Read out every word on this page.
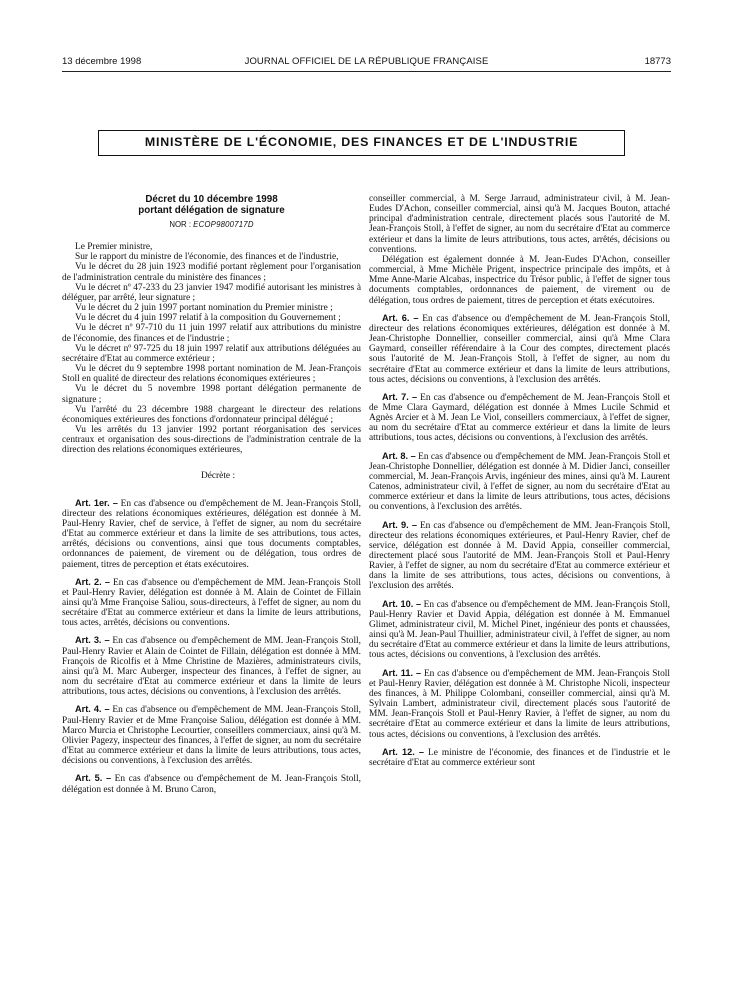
13 décembre 1998	JOURNAL OFFICIEL DE LA RÉPUBLIQUE FRANÇAISE	18773
MINISTÈRE DE L'ÉCONOMIE, DES FINANCES ET DE L'INDUSTRIE

Décret du 10 décembre 1998

portant délégation de signature

NOR : ECOP9800717D

Le Premier ministre,

Sur le rapport du ministre de l'économie, des finances et de l'industrie,

Vu le décret du 28 juin 1923 modifié portant règlement pour l'organisation de l'administration centrale du ministère des finances ;

Vu le décret nº 47-233 du 23 janvier 1947 modifié autorisant les ministres à déléguer, par arrêté, leur signature ;

Vu le décret du 2 juin 1997 portant nomination du Premier ministre ;

Vu le décret du 4 juin 1997 relatif à la composition du Gouvernement ;

Vu le décret nº 97-710 du 11 juin 1997 relatif aux attributions du ministre de l'économie, des finances et de l'industrie ;

Vu le décret nº 97-725 du 18 juin 1997 relatif aux attributions déléguées au secrétaire d'Etat au commerce extérieur ;

Vu le décret du 9 septembre 1998 portant nomination de M. Jean-François Stoll en qualité de directeur des relations économiques extérieures ;

Vu le décret du 5 novembre 1998 portant délégation permanente de signature ;

Vu l'arrêté du 23 décembre 1988 chargeant le directeur des relations économiques extérieures des fonctions d'ordonnateur principal délégué ;

Vu les arrêtés du 13 janvier 1992 portant réorganisation des services centraux et organisation des sous-directions de l'administration centrale de la direction des relations économiques extérieures,

Décrète :

Art. 1er. – En cas d'absence ou d'empêchement de M. Jean-François Stoll, directeur des relations économiques extérieures, délégation est donnée à M. Paul-Henry Ravier, chef de service, à l'effet de signer, au nom du secrétaire d'Etat au commerce extérieur et dans la limite de ses attributions, tous actes, arrêtés, décisions ou conventions, ainsi que tous documents comptables, ordonnances de paiement, de virement ou de délégation, tous ordres de paiement, titres de perception et états exécutoires.

Art. 2. – En cas d'absence ou d'empêchement de MM. Jean-François Stoll et Paul-Henry Ravier, délégation est donnée à M. Alain de Cointet de Fillain ainsi qu'à Mme Françoise Saliou, sous-directeurs, à l'effet de signer, au nom du secrétaire d'Etat au commerce extérieur et dans la limite de leurs attributions, tous actes, arrêtés, décisions ou conventions.

Art. 3. – En cas d'absence ou d'empêchement de MM. Jean-François Stoll, Paul-Henry Ravier et Alain de Cointet de Fillain, délégation est donnée à MM. François de Ricolfis et à Mme Christine de Mazières, administrateurs civils, ainsi qu'à M. Marc Auberger, inspecteur des finances, à l'effet de signer, au nom du secrétaire d'Etat au commerce extérieur et dans la limite de leurs attributions, tous actes, décisions ou conventions, à l'exclusion des arrêtés.

Art. 4. – En cas d'absence ou d'empêchement de MM. Jean-François Stoll, Paul-Henry Ravier et de Mme Françoise Saliou, délégation est donnée à MM. Marco Murcia et Christophe Lecourtier, conseillers commerciaux, ainsi qu'à M. Olivier Pagezy, inspecteur des finances, à l'effet de signer, au nom du secrétaire d'Etat au commerce extérieur et dans la limite de leurs attributions, tous actes, décisions ou conventions, à l'exclusion des arrêtés.

Art. 5. – En cas d'absence ou d'empêchement de M. Jean-François Stoll, délégation est donnée à M. Bruno Caron,

conseiller commercial, à M. Serge Jarraud, administrateur civil, à M. Jean-Eudes D'Achon, conseiller commercial, ainsi qu'à M. Jacques Bouton, attaché principal d'administration centrale, directement placés sous l'autorité de M. Jean-François Stoll, à l'effet de signer, au nom du secrétaire d'Etat au commerce extérieur et dans la limite de leurs attributions, tous actes, arrêtés, décisions ou conventions.

Délégation est également donnée à M. Jean-Eudes D'Achon, conseiller commercial, à Mme Michèle Prigent, inspectrice principale des impôts, et à Mme Anne-Marie Alcabas, inspectrice du Trésor public, à l'effet de signer tous documents comptables, ordonnances de paiement, de virement ou de délégation, tous ordres de paiement, titres de perception et états exécutoires.

Art. 6. – En cas d'absence ou d'empêchement de M. Jean-François Stoll, directeur des relations économiques extérieures, délégation est donnée à M. Jean-Christophe Donnellier, conseiller commercial, ainsi qu'à Mme Clara Gaymard, conseiller référendaire à la Cour des comptes, directement placés sous l'autorité de M. Jean-François Stoll, à l'effet de signer, au nom du secrétaire d'Etat au commerce extérieur et dans la limite de leurs attributions, tous actes, décisions ou conventions, à l'exclusion des arrêtés.

Art. 7. – En cas d'absence ou d'empêchement de M. Jean-François Stoll et de Mme Clara Gaymard, délégation est donnée à Mmes Lucile Schmid et Agnès Arcier et à M. Jean Le Viol, conseillers commerciaux, à l'effet de signer, au nom du secrétaire d'Etat au commerce extérieur et dans la limite de leurs attributions, tous actes, décisions ou conventions, à l'exclusion des arrêtés.

Art. 8. – En cas d'absence ou d'empêchement de MM. Jean-François Stoll et Jean-Christophe Donnellier, délégation est donnée à M. Didier Janci, conseiller commercial, M. Jean-François Arvis, ingénieur des mines, ainsi qu'à M. Laurent Catenos, administrateur civil, à l'effet de signer, au nom du secrétaire d'Etat au commerce extérieur et dans la limite de leurs attributions, tous actes, décisions ou conventions, à l'exclusion des arrêtés.

Art. 9. – En cas d'absence ou d'empêchement de MM. Jean-François Stoll, directeur des relations économiques extérieures, et Paul-Henry Ravier, chef de service, délégation est donnée à M. David Appia, conseiller commercial, directement placé sous l'autorité de MM. Jean-François Stoll et Paul-Henry Ravier, à l'effet de signer, au nom du secrétaire d'Etat au commerce extérieur et dans la limite de ses attributions, tous actes, décisions ou conventions, à l'exclusion des arrêtés.

Art. 10. – En cas d'absence ou d'empêchement de MM. Jean-François Stoll, Paul-Henry Ravier et David Appia, délégation est donnée à M. Emmanuel Glimet, administrateur civil, M. Michel Pinet, ingénieur des ponts et chaussées, ainsi qu'à M. Jean-Paul Thuillier, administrateur civil, à l'effet de signer, au nom du secrétaire d'Etat au commerce extérieur et dans la limite de leurs attributions, tous actes, décisions ou conventions, à l'exclusion des arrêtés.

Art. 11. – En cas d'absence ou d'empêchement de MM. Jean-François Stoll et Paul-Henry Ravier, délégation est donnée à M. Christophe Nicoli, inspecteur des finances, à M. Philippe Colombani, conseiller commercial, ainsi qu'à M. Sylvain Lambert, administrateur civil, directement placés sous l'autorité de MM. Jean-François Stoll et Paul-Henry Ravier, à l'effet de signer, au nom du secrétaire d'Etat au commerce extérieur et dans la limite de leurs attributions, tous actes, décisions ou conventions, à l'exclusion des arrêtés.

Art. 12. – Le ministre de l'économie, des finances et de l'industrie et le secrétaire d'Etat au commerce extérieur sont
